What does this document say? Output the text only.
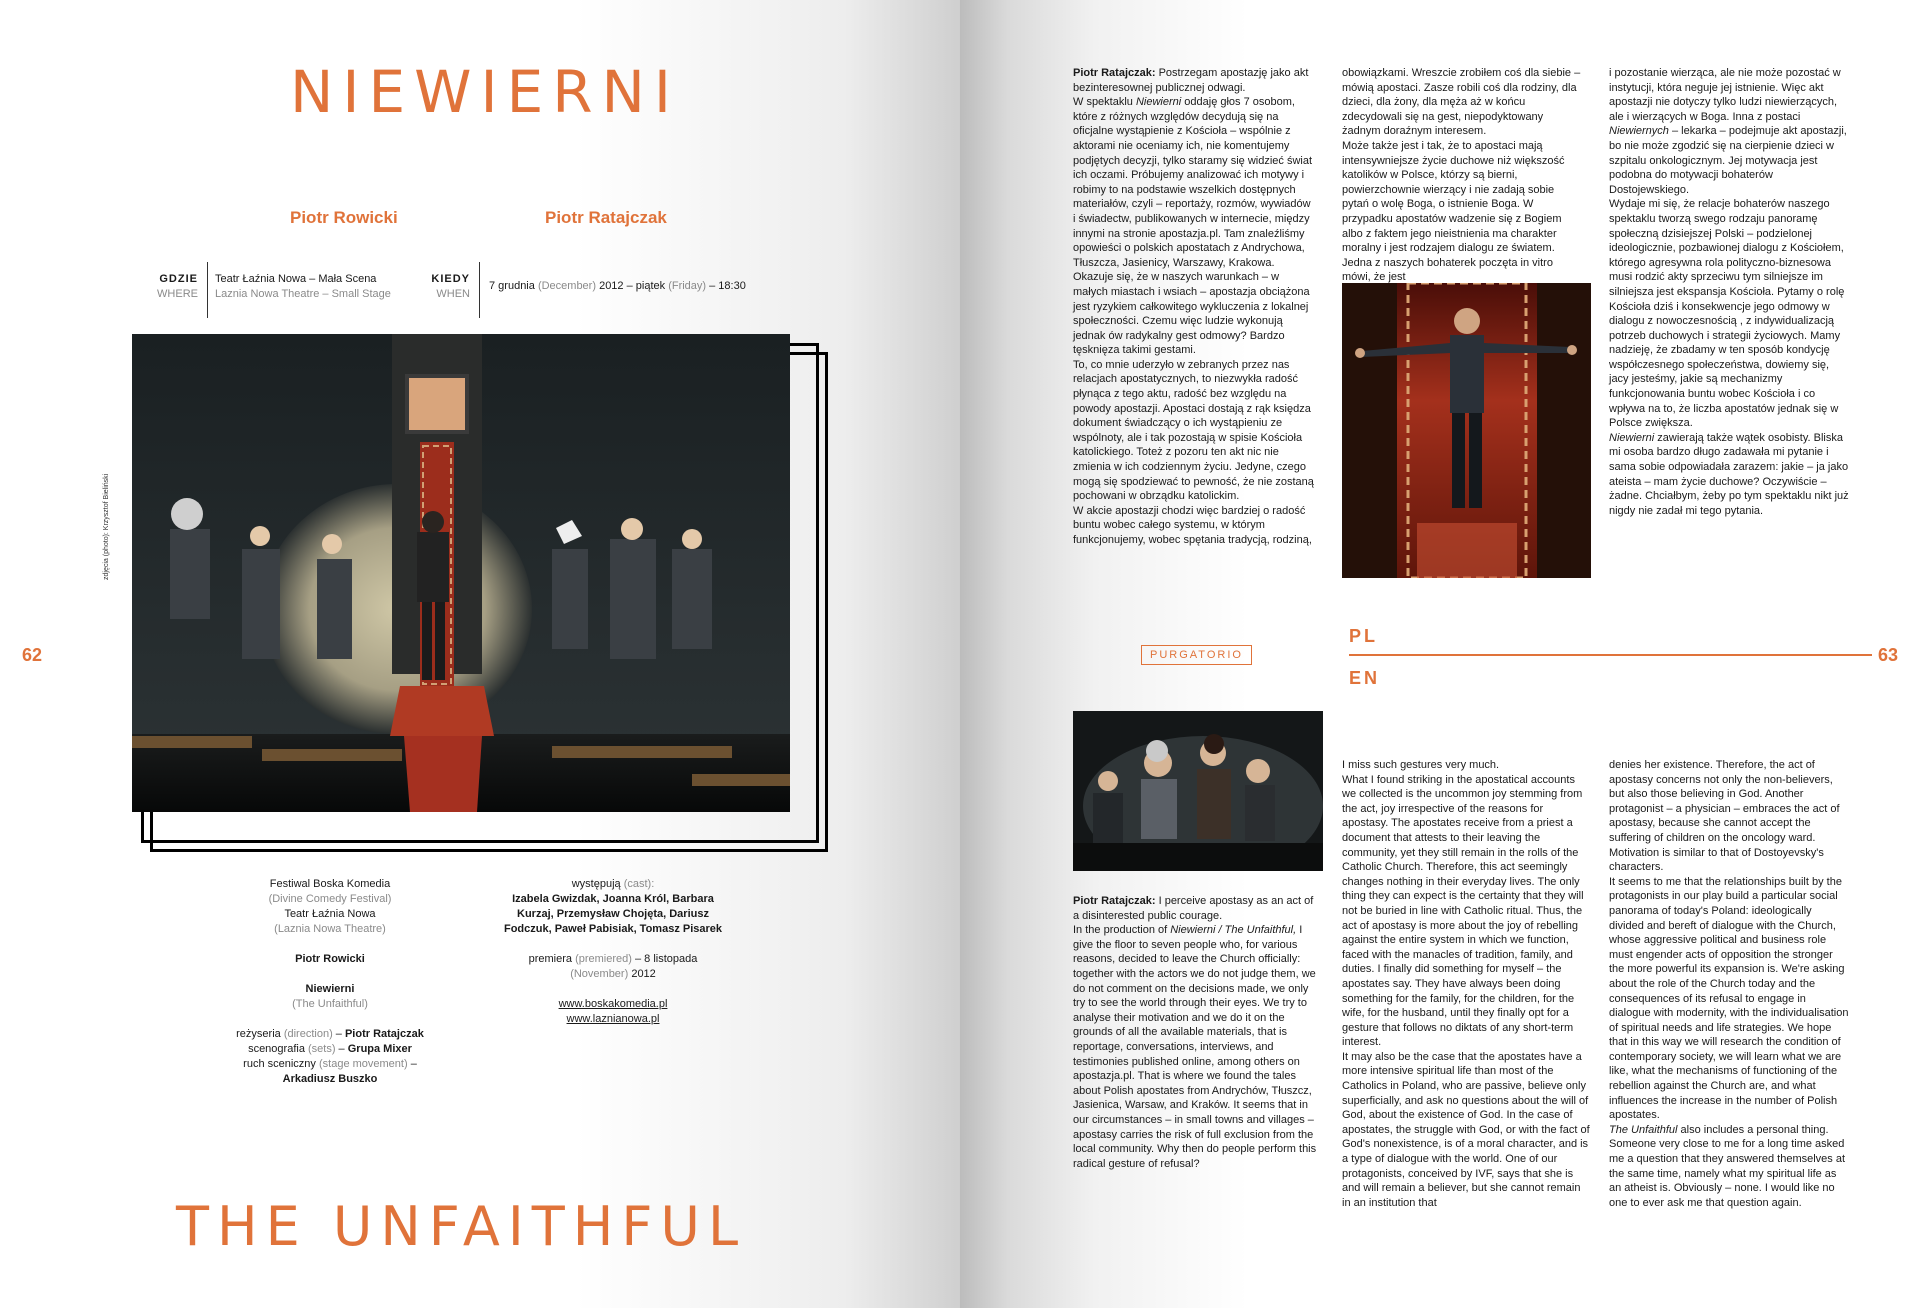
NIEWIERNI
Piotr Rowicki	Piotr Ratajczak
GDZIE
WHERE
Teatr Łaźnia Nowa – Mała Scena
Laznia Nowa Theatre – Small Stage
KIEDY
WHEN
7 grudnia (December) 2012 – piątek (Friday) – 18:30
zdjęcia (photo): Krzysztof Bieliński
62

Festiwal Boska Komedia

(Divine Comedy Festival)

Teatr Łaźnia Nowa

(Laznia Nowa Theatre)

Piotr Rowicki

Niewierni

(The Unfaithful)

reżyseria (direction) – Piotr Ratajczak

scenografia (sets) – Grupa Mixer

ruch sceniczny (stage movement) –

Arkadiusz Buszko

występują (cast):

Izabela Gwizdak, Joanna Król, Barbara Kurzaj, Przemysław Chojęta, Dariusz Fodczuk, Paweł Pabisiak, Tomasz Pisarek

premiera (premiered) – 8 listopada

(November) 2012

www.boskakomedia.pl

www.laznianowa.pl

THE UNFAITHFUL
Piotr Ratajczak: Postrzegam apostazję jako akt bezinteresownej publicznej odwagi.
W spektaklu Niewierni oddaję głos 7 osobom, które z różnych względów decydują się na oficjalne wystąpienie z Kościoła – wspólnie z aktorami nie oceniamy ich, nie komentujemy podjętych decyzji, tylko staramy się widzieć świat ich oczami. Próbujemy analizować ich motywy i robimy to na podstawie wszelkich dostępnych materiałów, czyli – reportaży, rozmów, wywiadów i świadectw, publikowanych w internecie, między innymi na stronie apostazja.pl. Tam znaleźliśmy opowieści o polskich apostatach z Andrychowa, Tłuszcza, Jasienicy, Warszawy, Krakowa. Okazuje się, że w naszych warunkach – w małych miastach i wsiach – apostazja obciążona jest ryzykiem całkowitego wykluczenia z lokalnej społeczności. Czemu więc ludzie wykonują jednak ów radykalny gest odmowy? Bardzo tęsknięza takimi gestami.
To, co mnie uderzyło w zebranych przez nas relacjach apostatycznych, to niezwykła radość płynąca z tego aktu, radość bez względu na powody apostazji. Apostaci dostają z rąk księdza dokument świadczący o ich wystąpieniu ze wspólnoty, ale i tak pozostają w spisie Kościoła katolickiego. Toteż z pozoru ten akt nic nie zmienia w ich codziennym życiu. Jedyne, czego mogą się spodziewać to pewność, że nie zostaną pochowani w obrządku katolickim.
W akcie apostazji chodzi więc bardziej o radość buntu wobec całego systemu, w którym funkcjonujemy, wobec spętania tradycją, rodziną,
obowiązkami. Wreszcie zrobiłem coś dla siebie – mówią apostaci. Zasze robili coś dla rodziny, dla dzieci, dla żony, dla męża aż w końcu zdecydowali się na gest, niepodyktowany żadnym doraźnym interesem.
Może także jest i tak, że to apostaci mają intensywniejsze życie duchowe niż większość katolików w Polsce, którzy są bierni, powierzchownie wierzący i nie zadają sobie pytań o wolę Boga, o istnienie Boga. W przypadku apostatów wadzenie się z Bogiem albo z faktem jego nieistnienia ma charakter moralny i jest rodzajem dialogu ze światem. Jedna z naszych bohaterek poczęta in vitro mówi, że jest
i pozostanie wierząca, ale nie może pozostać w instytucji, która neguje jej istnienie. Więc akt apostazji nie dotyczy tylko ludzi niewierzących, ale i wierzących w Boga. Inna z postaci Niewiernych – lekarka – podejmuje akt apostazji, bo nie może zgodzić się na cierpienie dzieci w szpitalu onkologicznym. Jej motywacja jest podobna do motywacji bohaterów Dostojewskiego.
Wydaje mi się, że relacje bohaterów naszego spektaklu tworzą swego rodzaju panoramę społeczną dzisiejszej Polski – podzielonej ideologicznie, pozbawionej dialogu z Kościołem, którego agresywna rola polityczno-biznesowa musi rodzić akty sprzeciwu tym silniejsze im silniejsza jest ekspansja Kościoła. Pytamy o rolę Kościoła dziś i konsekwencje jego odmowy w dialogu z nowoczesnością , z indywidualizacją potrzeb duchowych i strategii życiowych. Mamy nadzieję, że zbadamy w ten sposób kondycję współczesnego społeczeństwa, dowiemy się, jacy jesteśmy, jakie są mechanizmy funkcjonowania buntu wobec Kościoła i co wpływa na to, że liczba apostatów jednak się w Polsce zwiększa.
Niewierni zawierają także wątek osobisty. Bliska mi osoba bardzo długo zadawała mi pytanie i sama sobie odpowiadała zarazem: jakie – ja jako ateista – mam życie duchowe? Oczywiście – żadne. Chciałbym, żeby po tym spektaklu nikt już nigdy nie zadał mi tego pytania.
PURGATORIO
PL
EN
63
Piotr Ratajczak: I perceive apostasy as an act of a disinterested public courage.
In the production of Niewierni / The Unfaithful, I give the floor to seven people who, for various reasons, decided to leave the Church officially: together with the actors we do not judge them, we do not comment on the decisions made, we only try to see the world through their eyes. We try to analyse their motivation and we do it on the grounds of all the available materials, that is reportage, conversations, interviews, and testimonies published online, among others on apostazja.pl. That is where we found the tales about Polish apostates from Andrychów, Tłuszcz, Jasienica, Warsaw, and Kraków. It seems that in our circumstances – in small towns and villages – apostasy carries the risk of full exclusion from the local community. Why then do people perform this radical gesture of refusal?
I miss such gestures very much.
What I found striking in the apostatical accounts we collected is the uncommon joy stemming from the act, joy irrespective of the reasons for apostasy. The apostates receive from a priest a document that attests to their leaving the community, yet they still remain in the rolls of the Catholic Church. Therefore, this act seemingly changes nothing in their everyday lives. The only thing they can expect is the certainty that they will not be buried in line with Catholic ritual. Thus, the act of apostasy is more about the joy of rebelling against the entire system in which we function, faced with the manacles of tradition, family, and duties. I finally did something for myself – the apostates say. They have always been doing something for the family, for the children, for the wife, for the husband, until they finally opt for a gesture that follows no diktats of any short-term interest.
It may also be the case that the apostates have a more intensive spiritual life than most of the Catholics in Poland, who are passive, believe only superficially, and ask no questions about the will of God, about the existence of God. In the case of apostates, the struggle with God, or with the fact of God's nonexistence, is of a moral character, and is a type of dialogue with the world. One of our protagonists, conceived by IVF, says that she is and will remain a believer, but she cannot remain in an institution that
denies her existence. Therefore, the act of apostasy concerns not only the non-believers, but also those believing in God. Another protagonist – a physician – embraces the act of apostasy, because she cannot accept the suffering of children on the oncology ward. Motivation is similar to that of Dostoyevsky's characters.
It seems to me that the relationships built by the protagonists in our play build a particular social panorama of today's Poland: ideologically divided and bereft of dialogue with the Church, whose aggressive political and business role must engender acts of opposition the stronger the more powerful its expansion is. We're asking about the role of the Church today and the consequences of its refusal to engage in dialogue with modernity, with the individualisation of spiritual needs and life strategies. We hope that in this way we will research the condition of contemporary society, we will learn what we are like, what the mechanisms of functioning of the rebellion against the Church are, and what influences the increase in the number of Polish apostates.
The Unfaithful also includes a personal thing. Someone very close to me for a long time asked me a question that they answered themselves at the same time, namely what my spiritual life as an atheist is. Obviously – none. I would like no one to ever ask me that question again.
